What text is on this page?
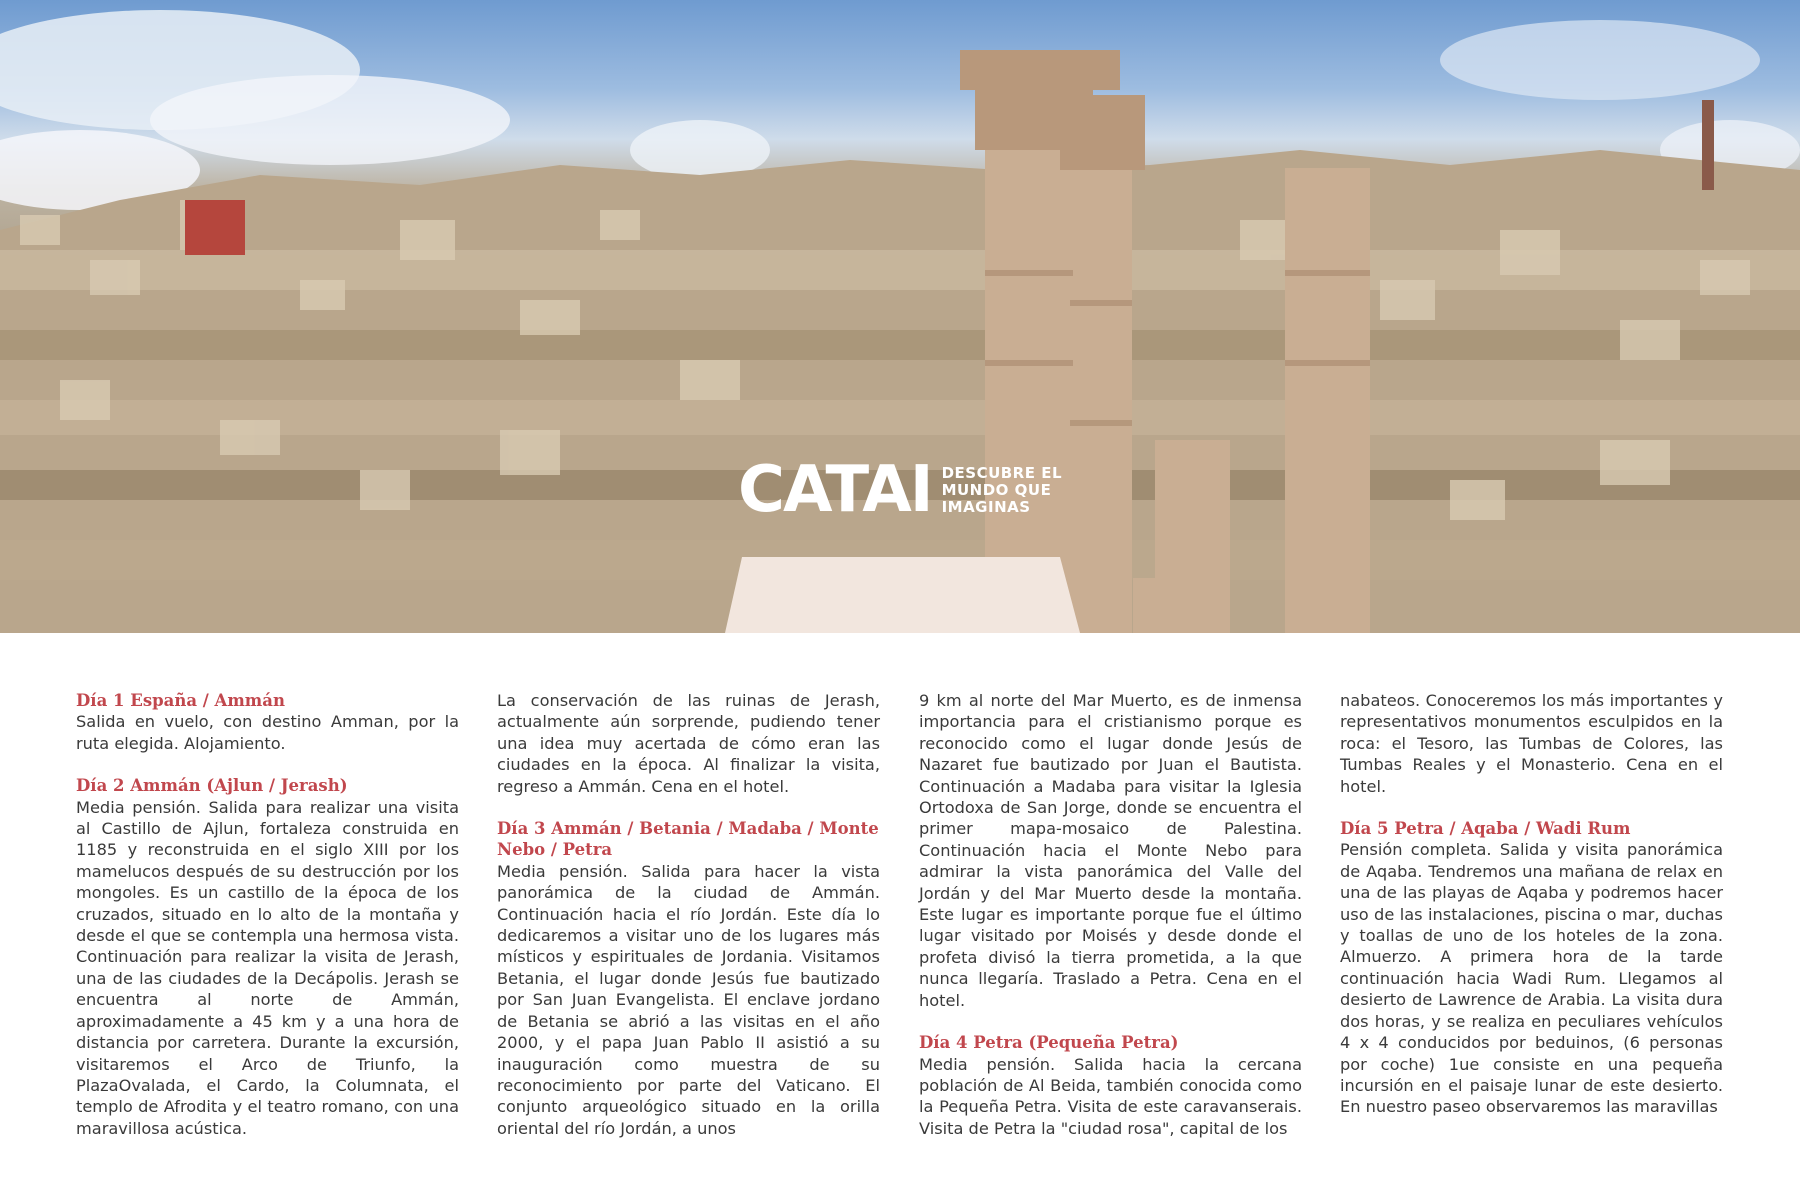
CATAI DESCUBRE EL
MUNDO QUE
IMAGINAS
Día 1 España / Ammán

Salida en vuelo, con destino Amman, por la ruta elegida. Alojamiento.

Día 2 Ammán (Ajlun / Jerash)

Media pensión. Salida para realizar una visita al Castillo de Ajlun, fortaleza construida en 1185 y reconstruida en el siglo XIII por los mamelucos después de su destrucción por los mongoles. Es un castillo de la época de los cruzados, situado en lo alto de la montaña y desde el que se contempla una hermosa vista. Continuación para realizar la visita de Jerash, una de las ciudades de la Decápolis. Jerash se encuentra al norte de Ammán, aproximadamente a 45 km y a una hora de distancia por carretera. Durante la excursión, visitaremos el Arco de Triunfo, la PlazaOvalada, el Cardo, la Columnata, el templo de Afrodita y el teatro romano, con una maravillosa acústica.

La conservación de las ruinas de Jerash, actualmente aún sorprende, pudiendo tener una idea muy acertada de cómo eran las ciudades en la época. Al finalizar la visita, regreso a Ammán. Cena en el hotel.

Día 3 Ammán / Betania / Madaba / Monte Nebo / Petra

Media pensión. Salida para hacer la vista panorámica de la ciudad de Ammán. Continuación hacia el río Jordán. Este día lo dedicaremos a visitar uno de los lugares más místicos y espirituales de Jordania. Visitamos Betania, el lugar donde Jesús fue bautizado por San Juan Evangelista. El enclave jordano de Betania se abrió a las visitas en el año 2000, y el papa Juan Pablo II asistió a su inauguración como muestra de su reconocimiento por parte del Vaticano. El conjunto arqueológico situado en la orilla oriental del río Jordán, a unos

9 km al norte del Mar Muerto, es de inmensa importancia para el cristianismo porque es reconocido como el lugar donde Jesús de Nazaret fue bautizado por Juan el Bautista. Continuación a Madaba para visitar la Iglesia Ortodoxa de San Jorge, donde se encuentra el primer mapa-mosaico de Palestina. Continuación hacia el Monte Nebo para admirar la vista panorámica del Valle del Jordán y del Mar Muerto desde la montaña. Este lugar es importante porque fue el último lugar visitado por Moisés y desde donde el profeta divisó la tierra prometida, a la que nunca llegaría. Traslado a Petra. Cena en el hotel.

Día 4 Petra (Pequeña Petra)

Media pensión. Salida hacia la cercana población de Al Beida, también conocida como la Pequeña Petra. Visita de este caravanserais. Visita de Petra la "ciudad rosa", capital de los

nabateos. Conoceremos los más importantes y representativos monumentos esculpidos en la roca: el Tesoro, las Tumbas de Colores, las Tumbas Reales y el Monasterio. Cena en el hotel.

Día 5 Petra / Aqaba / Wadi Rum

Pensión completa. Salida y visita panorámica de Aqaba. Tendremos una mañana de relax en una de las playas de Aqaba y podremos hacer uso de las instalaciones, piscina o mar, duchas y toallas de uno de los hoteles de la zona. Almuerzo. A primera hora de la tarde continuación hacia Wadi Rum. Llegamos al desierto de Lawrence de Arabia. La visita dura dos horas, y se realiza en peculiares vehículos 4 x 4 conducidos por beduinos, (6 personas por coche) 1ue consiste en una pequeña incursión en el paisaje lunar de este desierto. En nuestro paseo observaremos las maravillas
